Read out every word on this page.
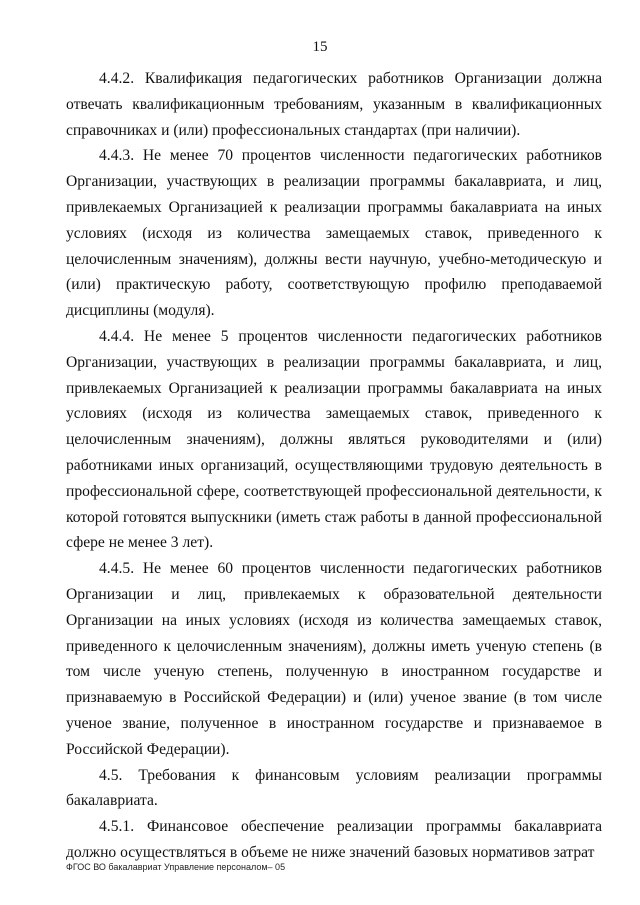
15

4.4.2. Квалификация педагогических работников Организации должна отвечать квалификационным требованиям, указанным в квалификационных справочниках и (или) профессиональных стандартах (при наличии).

4.4.3. Не менее 70 процентов численности педагогических работников Организации, участвующих в реализации программы бакалавриата, и лиц, привлекаемых Организацией к реализации программы бакалавриата на иных условиях (исходя из количества замещаемых ставок, приведенного к целочисленным значениям), должны вести научную, учебно-методическую и (или) практическую работу, соответствующую профилю преподаваемой дисциплины (модуля).

4.4.4. Не менее 5 процентов численности педагогических работников Организации, участвующих в реализации программы бакалавриата, и лиц, привлекаемых Организацией к реализации программы бакалавриата на иных условиях (исходя из количества замещаемых ставок, приведенного к целочисленным значениям), должны являться руководителями и (или) работниками иных организаций, осуществляющими трудовую деятельность в профессиональной сфере, соответствующей профессиональной деятельности, к которой готовятся выпускники (иметь стаж работы в данной профессиональной сфере не менее 3 лет).

4.4.5. Не менее 60 процентов численности педагогических работников Организации и лиц, привлекаемых к образовательной деятельности Организации на иных условиях (исходя из количества замещаемых ставок, приведенного к целочисленным значениям), должны иметь ученую степень (в том числе ученую степень, полученную в иностранном государстве и признаваемую в Российской Федерации) и (или) ученое звание (в том числе ученое звание, полученное в иностранном государстве и признаваемое в Российской Федерации).

4.5. Требования к финансовым условиям реализации программы бакалавриата.

4.5.1. Финансовое обеспечение реализации программы бакалавриата должно осуществляться в объеме не ниже значений базовых нормативов затрат

ФГОС ВО бакалавриат Управление персоналом– 05
